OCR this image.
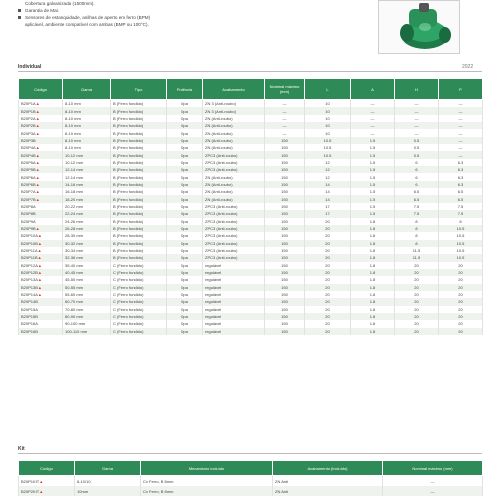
Cobertura galvanizada (1500mm).
Garantia de Mar.
Sensores de estanquidade, anilhas de aperto em ferro (BPM)
aplicável, ambiente compatível com ambas (BMP ou 100°C).
Individual	2022
Código	Gama	Tipo	Potência	Acabamento	Nominal máximo (mm)	L	A	H	P
B20P1A▲	8-10 mm	B (Ferro fundido)	0pa	ZN 3 (Anti-roubo)	—	10	—	—	—
B20P1B▲	8-10 mm	B (Ferro fundido)	0pa	ZN 3 (Anti-roubo)	—	10	—	—	—
B20P2A▲	8-10 mm	B (Ferro fundido)	0pa	ZN (Anti-roubo)	—	10	—	—	—
B20P2B▲	8-10 mm	B (Ferro fundido)	0pa	ZN (Anti-roubo)	—	10	—	—	—
B20P3A▲	8-10 mm	B (Ferro fundido)	0pa	ZN (Anti-roubo)	—	10	—	—	—
B20P3B	8-10 mm	B (Ferro fundido)	0pa	ZN (Anti-roubo)	150	10.5	1.5	0.5	—
B20P4A▲	8-10 mm	B (Ferro fundido)	0pa	ZN (Anti-roubo)	150	10.5	1.5	0.5	—
B20P4B▲	10-12 mm	B (Ferro fundido)	0pa	ZPC3 (Anti-roubo)	150	10.5	1.5	0.5	—
B20P5A▲	10-12 mm	B (Ferro fundido)	0pa	ZPC3 (Anti-roubo)	150	12	1.5	6	6.3
B20P5B▲	12-14 mm	B (Ferro fundido)	0pa	ZPC3 (Anti-roubo)	150	12	1.5	6	6.3
B20P6A▲	12-14 mm	B (Ferro fundido)	0pa	ZN (Anti-roubo)	150	12	1.5	6	6.3
B20P6B▲	14-16 mm	B (Ferro fundido)	0pa	ZN (Anti-roubo)	150	14	1.5	6	6.3
B20P7A▲	16-18 mm	B (Ferro fundido)	0pa	ZN (Anti-roubo)	150	14	1.5	6.5	6.5
B20P7B▲	18-20 mm	B (Ferro fundido)	0pa	ZN (Anti-roubo)	150	14	1.5	6.5	6.5
B20P8A	20-22 mm	B (Ferro fundido)	0pa	ZPC3 (Anti-roubo)	150	17	1.5	7.5	7.5
B20P8B	22-24 mm	B (Ferro fundido)	0pa	ZPC3 (Anti-roubo)	150	17	1.5	7.5	7.5
B20P9A	24-26 mm	B (Ferro fundido)	0pa	ZPC3 (Anti-roubo)	150	20	1.8	8	8
B20P9B▲	26-28 mm	B (Ferro fundido)	0pa	ZPC3 (Anti-roubo)	150	20	1.8	8	10.5
B20P10A▲	28-30 mm	B (Ferro fundido)	0pa	ZPC3 (Anti-roubo)	150	20	1.8	8	10.5
B20P10B▲	30-32 mm	B (Ferro fundido)	0pa	ZPC3 (Anti-roubo)	150	20	1.8	8	10.5
B20P11A▲	30-34 mm	B (Ferro fundido)	0pa	ZPC3 (Anti-roubo)	150	20	1.8	11.5	10.5
B20P11B▲	32-36 mm	B (Ferro fundido)	0pa	ZPC3 (Anti-roubo)	150	20	1.8	11.5	10.5
B20P12A▲	35-40 mm	C (Ferro fundido)	0pa	regulável	150	20	1.8	20	20
B20P12B▲	40-45 mm	C (Ferro fundido)	0pa	regulável	150	20	1.8	20	20
B20P13A▲	45-50 mm	C (Ferro fundido)	0pa	regulável	150	20	1.8	20	20
B20P13B▲	50-55 mm	C (Ferro fundido)	0pa	regulável	150	20	1.8	20	20
B20P14A▲	55-60 mm	C (Ferro fundido)	0pa	regulável	150	20	1.8	20	20
B20P14B	60-70 mm	C (Ferro fundido)	0pa	regulável	150	20	1.8	20	20
B20P15A	70-80 mm	C (Ferro fundido)	0pa	regulável	150	20	1.8	20	20
B20P15B	80-90 mm	C (Ferro fundido)	0pa	regulável	150	20	1.8	20	20
B20P16A	90-100 mm	C (Ferro fundido)	0pa	regulável	150	20	1.8	20	20
B20P16B	100-110 mm	C (Ferro fundido)	0pa	regulável	150	20	1.8	20	20
Kit
Código	Gama	Mecanismo incluído	Acabamento (incluído)	Nominal máximo (mm)
B20P1KIT▲	8-10/10	Cx Ferro, B 8mm	ZN Anti	—
B20P2KIT▲	10mm	Cx Ferro, B 8mm	ZN Anti	—
